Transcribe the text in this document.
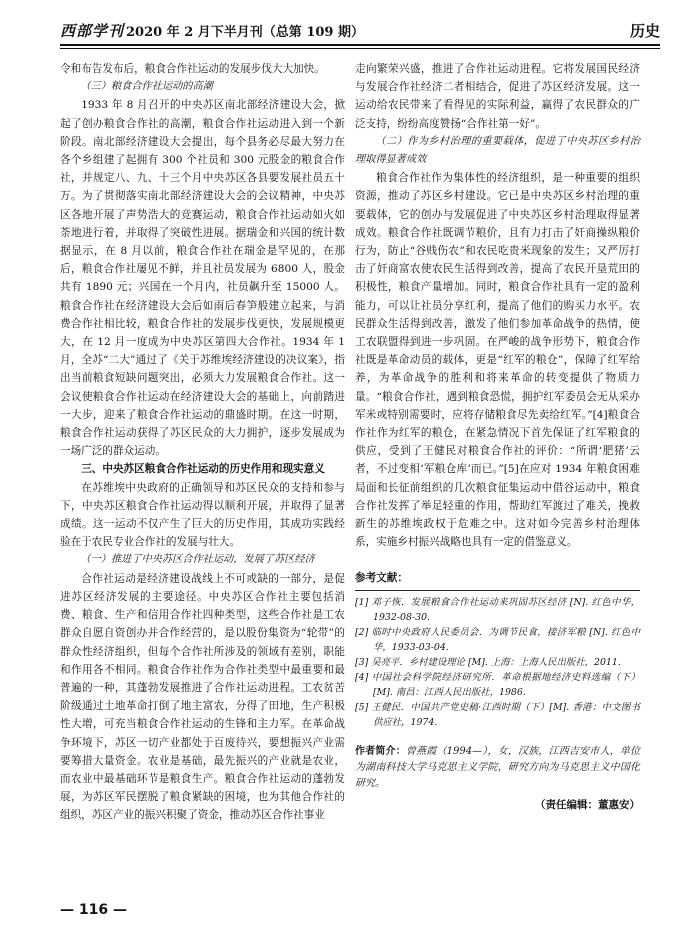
西部学刊 2020 年 2 月下半月刊（总第 109 期）	历史

令和布告发布后，粮食合作社运动的发展步伐大大加快。

（三）粮食合作社运动的高潮

1933 年 8 月召开的中央苏区南北部经济建设大会，掀起了创办粮食合作社的高潮，粮食合作社运动进入到一个新阶段。南北部经济建设大会提出，每个县务必尽最大努力在各个乡组建了起拥有 300 个社员和 300 元股金的粮食合作社，并规定八、九、十三个月中央苏区各县要发展社员五十万。为了贯彻落实南北部经济建设大会的会议精神，中央苏区各地开展了声势浩大的竞赛运动，粮食合作社运动如火如荼地进行着，并取得了突破性进展。据瑞金和兴国的统计数据显示，在 8 月以前，粮食合作社在瑞金是罕见的，在那后，粮食合作社屡见不鲜，并且社员发展为 6800 人，股金共有 1890 元；兴国在一个月内，社员飙升至 15000 人。粮食合作社在经济建设大会后如雨后春笋般建立起来，与消费合作社相比较，粮食合作社的发展步伐更快，发展规模更大，在 12 月一度成为中央苏区第四大合作社。1934 年 1 月，全苏“二大”通过了《关于苏维埃经济建设的决议案》，指出当前粮食短缺问题突出，必须大力发展粮食合作社。这一会议使粮食合作社运动在经济建设大会的基础上，向前踏进一大步，迎来了粮食合作社运动的鼎盛时期。在这一时期，粮食合作社运动获得了苏区民众的大力拥护，逐步发展成为一场广泛的群众运动。

三、中央苏区粮食合作社运动的历史作用和现实意义

在苏维埃中央政府的正确领导和苏区民众的支持和参与下，中央苏区粮食合作社运动得以顺利开展，并取得了显著成绩。这一运动不仅产生了巨大的历史作用，其成功实践经验在于农民专业合作社的发展与壮大。

（一）推进了中央苏区合作社运动，发展了苏区经济

合作社运动是经济建设战线上不可或缺的一部分，是促进苏区经济发展的主要途径。中央苏区合作社主要包括消费、粮食、生产和信用合作社四种类型，这些合作社是工农群众自愿自资创办并合作经营的，是以股份集资为“轮带”的群众性经济组织，但每个合作社所涉及的领域有差别，职能和作用各不相同。粮食合作社作为合作社类型中最重要和最普遍的一种，其蓬勃发展推进了合作社运动进程。工农贫苦阶级通过土地革命打倒了地主富农，分得了田地，生产积极性大增，可充当粮食合作社运动的生锋和主力军。在革命战争环境下，苏区一切产业都处于百废待兴，要想振兴产业需要筹措大量资金。农业是基础，最先振兴的产业就是农业，而农业中最基础环节是粮食生产。粮食合作社运动的蓬勃发展，为苏区军民摆脱了粮食紧缺的困境，也为其他合作社的组织，苏区产业的振兴积聚了资金，推动苏区合作社事业

走向繁荣兴盛，推进了合作社运动进程。它将发展国民经济与发展合作社经济二者相结合，促进了苏区经济发展。这一运动给农民带来了看得见的实际利益，赢得了农民群众的广泛支持，纷纷高度赞扬“合作社第一好”。

（二）作为乡村治理的重要载体，促进了中央苏区乡村治理取得显著成效

粮食合作社作为集体性的经济组织，是一种重要的组织资源，推动了苏区乡村建设。它已是中央苏区乡村治理的重要载体，它的创办与发展促进了中央苏区乡村治理取得显著成效。粮食合作社既调节粮价，且有力打击了奸商操纵粮价行为，防止“谷贱伤农”和农民吃贵米现象的发生；又严厉打击了奸商富农使农民生活得到改善，提高了农民开垦荒田的积极性，粮食产量增加。同时，粮食合作社具有一定的盈利能力，可以让社员分享红利，提高了他们的购买力水平。农民群众生活得到改善，激发了他们参加革命战争的热情，使工农联盟得到进一步巩固。在严峻的战争形势下，粮食合作社既是革命动员的载体，更是“红军的粮仓”，保障了红军给养，为革命战争的胜利和将来革命的转变提供了物质力量。“粮食合作社，遇到粮食恐慌，拥护红军委员会无从采办军米或特别需要时，应将存储粮食尽先卖给红军。”[4]粮食合作社作为红军的粮仓，在紧急情况下首先保证了红军粮食的供应，受到了王健民对粮食合作社的评价：“所谓‘肥猪’云者，不过变相‘军粮仓库’而已。”[5]在应对 1934 年粮食困难局面和长征前组织的几次粮食征集运动中借谷运动中，粮食合作社发挥了举足轻重的作用，帮助红军渡过了难关，挽救新生的苏维埃政权于危难之中。这对如今完善乡村治理体系，实施乡村振兴战略也具有一定的借鉴意义。

参考文献：

[1] 邓子恢．发展粮食合作社运动来巩固苏区经济 [N]. 红色中华，1932-08-30.

[2] 临时中央政府人民委员会．为调节民食，接济军粮 [N]. 红色中华，1933-03-04.

[3] 吴亮平．乡村建设理论 [M]. 上海：上海人民出版社，2011.

[4] 中国社会科学院经济研究所．革命根据地经济史料选编（下）[M]. 南昌：江西人民出版社，1986.

[5] 王健民．中国共产党史稿·江西时期（下）[M]. 香港：中文图书供应社，1974.

作者简介：曾燕霞（1994—），女，汉族，江西吉安市人，单位为湖南科技大学马克思主义学院，研究方向为马克思主义中国化研究。

（责任编辑：董惠安）

— 116 —
